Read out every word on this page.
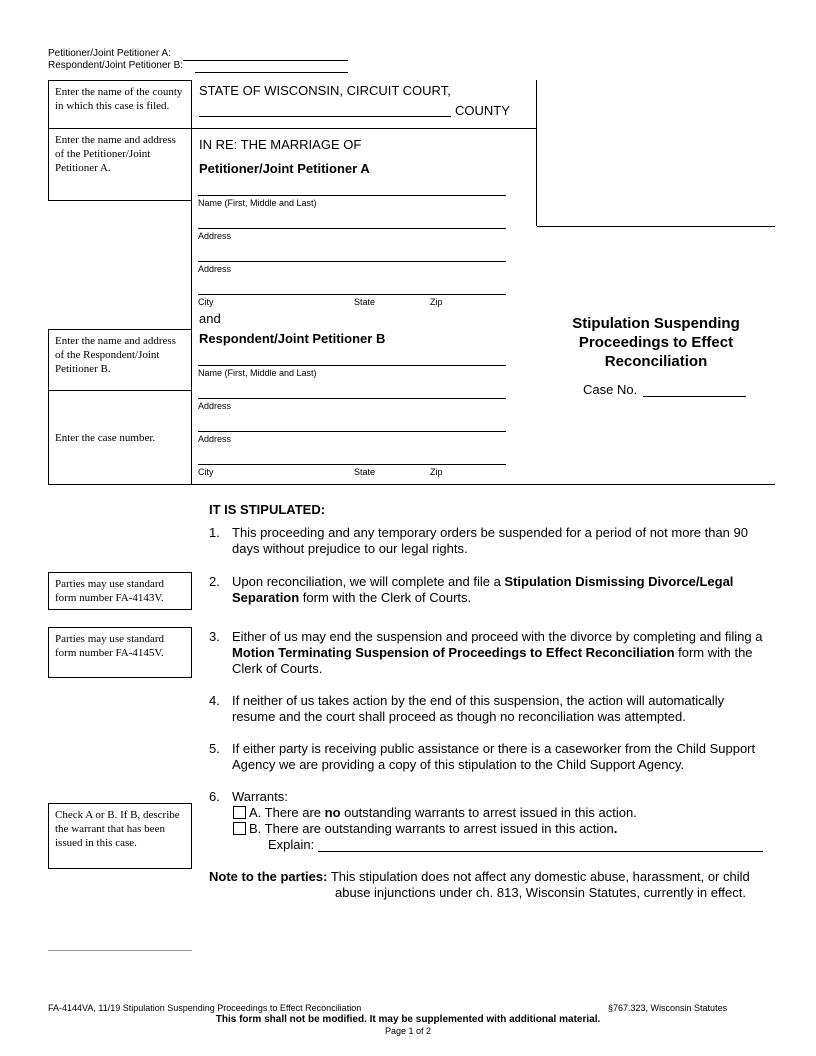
Petitioner/Joint Petitioner A:
Respondent/Joint Petitioner B:
Enter the name of the county in which this case is filed.
Enter the name and address of the Petitioner/Joint Petitioner A.
Enter the name and address of the Respondent/Joint Petitioner B.
Enter the case number.
STATE OF WISCONSIN, CIRCUIT COURT,
COUNTY
IN RE: THE MARRIAGE OF
Petitioner/Joint Petitioner A
Name (First, Middle and Last)
Address
Address
City	State	Zip
and
Respondent/Joint Petitioner B
Name (First, Middle and Last)
Address
Address
City	State	Zip
Stipulation Suspending
Proceedings to Effect
Reconciliation
Case No.
IT IS STIPULATED:
1. This proceeding and any temporary orders be suspended for a period of not more than 90 days without prejudice to our legal rights.
Parties may use standard form number FA-4143V.
2. Upon reconciliation, we will complete and file a Stipulation Dismissing Divorce/Legal Separation form with the Clerk of Courts.
Parties may use standard form number FA-4145V.
3. Either of us may end the suspension and proceed with the divorce by completing and filing a Motion Terminating Suspension of Proceedings to Effect Reconciliation form with the Clerk of Courts.
4. If neither of us takes action by the end of this suspension, the action will automatically resume and the court shall proceed as though no reconciliation was attempted.
5. If either party is receiving public assistance or there is a caseworker from the Child Support Agency we are providing a copy of this stipulation to the Child Support Agency.
Check A or B. If B, describe the warrant that has been issued in this case.
6. Warrants:
A. There are no outstanding warrants to arrest issued in this action.
B. There are outstanding warrants to arrest issued in this action.
Explain:
Note to the parties: This stipulation does not affect any domestic abuse, harassment, or child
abuse injunctions under ch. 813, Wisconsin Statutes, currently in effect.
FA-4144VA, 11/19 Stipulation Suspending Proceedings to Effect Reconciliation	§767.323, Wisconsin Statutes
This form shall not be modified. It may be supplemented with additional material.
Page 1 of 2
